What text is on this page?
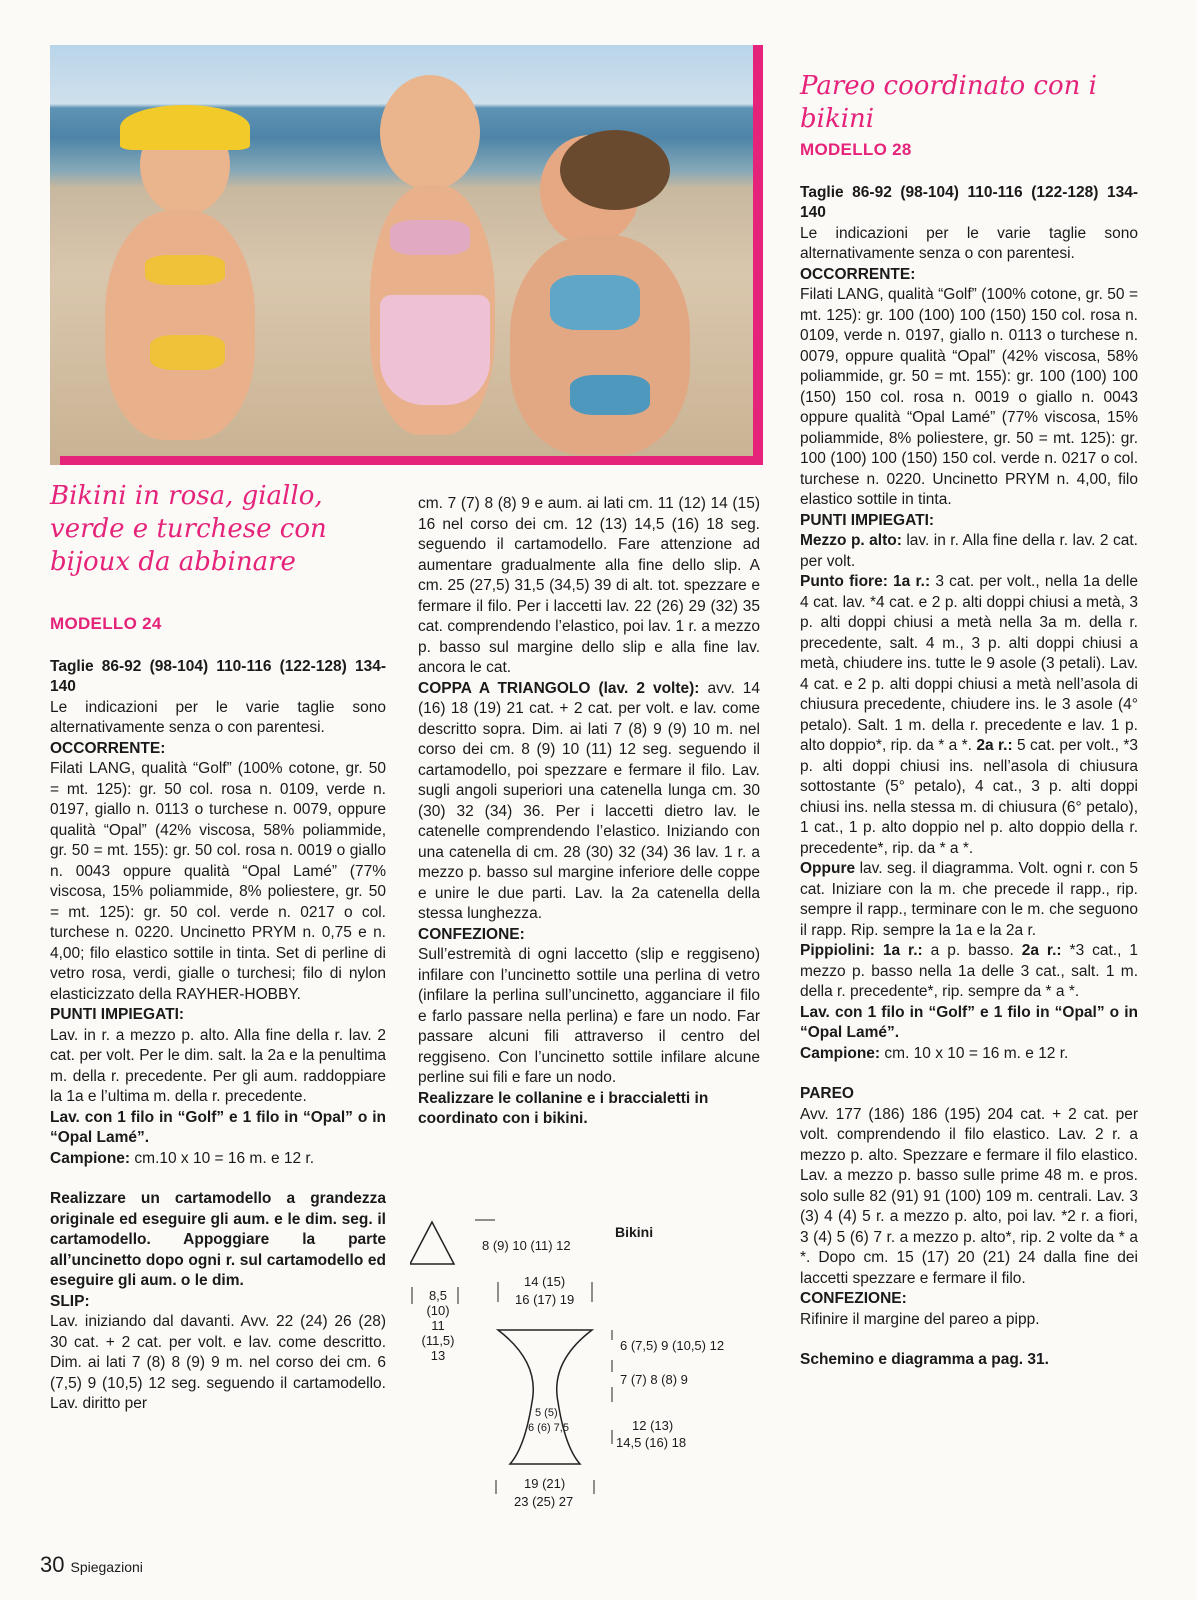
Bikini in rosa, giallo, verde e turchese con bijoux da abbinare

MODELLO 24

Taglie 86-92 (98-104) 110-116 (122-128) 134-140

Le indicazioni per le varie taglie sono alternativamente senza o con parentesi.

OCCORRENTE:

Filati LANG, qualità “Golf” (100% cotone, gr. 50 = mt. 125): gr. 50 col. rosa n. 0109, verde n. 0197, giallo n. 0113 o turchese n. 0079, oppure qualità “Opal” (42% viscosa, 58% poliammide, gr. 50 = mt. 155): gr. 50 col. rosa n. 0019 o giallo n. 0043 oppure qualità “Opal Lamé” (77% viscosa, 15% poliammide, 8% poliestere, gr. 50 = mt. 125): gr. 50 col. verde n. 0217 o col. turchese n. 0220. Uncinetto PRYM n. 0,75 e n. 4,00; filo elastico sottile in tinta. Set di perline di vetro rosa, verdi, gialle o turchesi; filo di nylon elasticizzato della RAYHER-HOBBY.

PUNTI IMPIEGATI:

Lav. in r. a mezzo p. alto. Alla fine della r. lav. 2 cat. per volt. Per le dim. salt. la 2a e la penultima m. della r. precedente. Per gli aum. raddoppiare la 1a e l’ultima m. della r. precedente.

Lav. con 1 filo in “Golf” e 1 filo in “Opal” o in “Opal Lamé”.

Campione: cm.10 x 10 = 16 m. e 12 r.

Realizzare un cartamodello a grandezza originale ed eseguire gli aum. e le dim. seg. il cartamodello. Appoggiare la parte all’uncinetto dopo ogni r. sul cartamodello ed eseguire gli aum. o le dim.

SLIP:

Lav. iniziando dal davanti. Avv. 22 (24) 26 (28) 30 cat. + 2 cat. per volt. e lav. come descritto. Dim. ai lati 7 (8) 8 (9) 9 m. nel corso dei cm. 6 (7,5) 9 (10,5) 12 seg. seguendo il cartamodello. Lav. diritto per

cm. 7 (7) 8 (8) 9 e aum. ai lati cm. 11 (12) 14 (15) 16 nel corso dei cm. 12 (13) 14,5 (16) 18 seg. seguendo il cartamodello. Fare attenzione ad aumentare gradualmente alla fine dello slip. A cm. 25 (27,5) 31,5 (34,5) 39 di alt. tot. spezzare e fermare il filo. Per i laccetti lav. 22 (26) 29 (32) 35 cat. comprendendo l’elastico, poi lav. 1 r. a mezzo p. basso sul margine dello slip e alla fine lav. ancora le cat.

COPPA A TRIANGOLO (lav. 2 volte): avv. 14 (16) 18 (19) 21 cat. + 2 cat. per volt. e lav. come descritto sopra. Dim. ai lati 7 (8) 9 (9) 10 m. nel corso dei cm. 8 (9) 10 (11) 12 seg. seguendo il cartamodello, poi spezzare e fermare il filo. Lav. sugli angoli superiori una catenella lunga cm. 30 (30) 32 (34) 36. Per i laccetti dietro lav. le catenelle comprendendo l’elastico. Iniziando con una catenella di cm. 28 (30) 32 (34) 36 lav. 1 r. a mezzo p. basso sul margine inferiore delle coppe e unire le due parti. Lav. la 2a catenella della stessa lunghezza.

CONFEZIONE:

Sull’estremità di ogni laccetto (slip e reggiseno) infilare con l’uncinetto sottile una perlina di vetro (infilare la perlina sull’uncinetto, agganciare il filo e farlo passare nella perlina) e fare un nodo. Far passare alcuni fili attraverso il centro del reggiseno. Con l’uncinetto sottile infilare alcune perline sui fili e fare un nodo.

Realizzare le collanine e i braccialetti in coordinato con i bikini.

Bikini
8 (9) 10 (11) 12
8,5
(10)
11
(11,5)
13
14 (15)
16 (17) 19
6 (7,5) 9 (10,5) 12
7 (7) 8 (8) 9
5 (5)
6 (6) 7,5	12 (13)
14,5 (16) 18
19 (21)
23 (25) 27
Pareo coordinato con i bikini

MODELLO 28

Taglie 86-92 (98-104) 110-116 (122-128) 134-140

Le indicazioni per le varie taglie sono alternativamente senza o con parentesi.

OCCORRENTE:

Filati LANG, qualità “Golf” (100% cotone, gr. 50 = mt. 125): gr. 100 (100) 100 (150) 150 col. rosa n. 0109, verde n. 0197, giallo n. 0113 o turchese n. 0079, oppure qualità “Opal” (42% viscosa, 58% poliammide, gr. 50 = mt. 155): gr. 100 (100) 100 (150) 150 col. rosa n. 0019 o giallo n. 0043 oppure qualità “Opal Lamé” (77% viscosa, 15% poliammide, 8% poliestere, gr. 50 = mt. 125): gr. 100 (100) 100 (150) 150 col. verde n. 0217 o col. turchese n. 0220. Uncinetto PRYM n. 4,00, filo elastico sottile in tinta.

PUNTI IMPIEGATI:

Mezzo p. alto: lav. in r. Alla fine della r. lav. 2 cat. per volt.

Punto fiore: 1a r.: 3 cat. per volt., nella 1a delle 4 cat. lav. *4 cat. e 2 p. alti doppi chiusi a metà, 3 p. alti doppi chiusi a metà nella 3a m. della r. precedente, salt. 4 m., 3 p. alti doppi chiusi a metà, chiudere ins. tutte le 9 asole (3 petali). Lav. 4 cat. e 2 p. alti doppi chiusi a metà nell’asola di chiusura precedente, chiudere ins. le 3 asole (4° petalo). Salt. 1 m. della r. precedente e lav. 1 p. alto doppio*, rip. da * a *. 2a r.: 5 cat. per volt., *3 p. alti doppi chiusi ins. nell’asola di chiusura sottostante (5° petalo), 4 cat., 3 p. alti doppi chiusi ins. nella stessa m. di chiusura (6° petalo), 1 cat., 1 p. alto doppio nel p. alto doppio della r. precedente*, rip. da * a *.

Oppure lav. seg. il diagramma. Volt. ogni r. con 5 cat. Iniziare con la m. che precede il rapp., rip. sempre il rapp., terminare con le m. che seguono il rapp. Rip. sempre la 1a e la 2a r.

Pippiolini: 1a r.: a p. basso. 2a r.: *3 cat., 1 mezzo p. basso nella 1a delle 3 cat., salt. 1 m. della r. precedente*, rip. sempre da * a *.

Lav. con 1 filo in “Golf” e 1 filo in “Opal” o in “Opal Lamé”.

Campione: cm. 10 x 10 = 16 m. e 12 r.

PAREO

Avv. 177 (186) 186 (195) 204 cat. + 2 cat. per volt. comprendendo il filo elastico. Lav. 2 r. a mezzo p. alto. Spezzare e fermare il filo elastico. Lav. a mezzo p. basso sulle prime 48 m. e pros. solo sulle 82 (91) 91 (100) 109 m. centrali. Lav. 3 (3) 4 (4) 5 r. a mezzo p. alto, poi lav. *2 r. a fiori, 3 (4) 5 (6) 7 r. a mezzo p. alto*, rip. 2 volte da * a *. Dopo cm. 15 (17) 20 (21) 24 dalla fine dei laccetti spezzare e fermare il filo.

CONFEZIONE:

Rifinire il margine del pareo a pipp.

Schemino e diagramma a pag. 31.

30 Spiegazioni
